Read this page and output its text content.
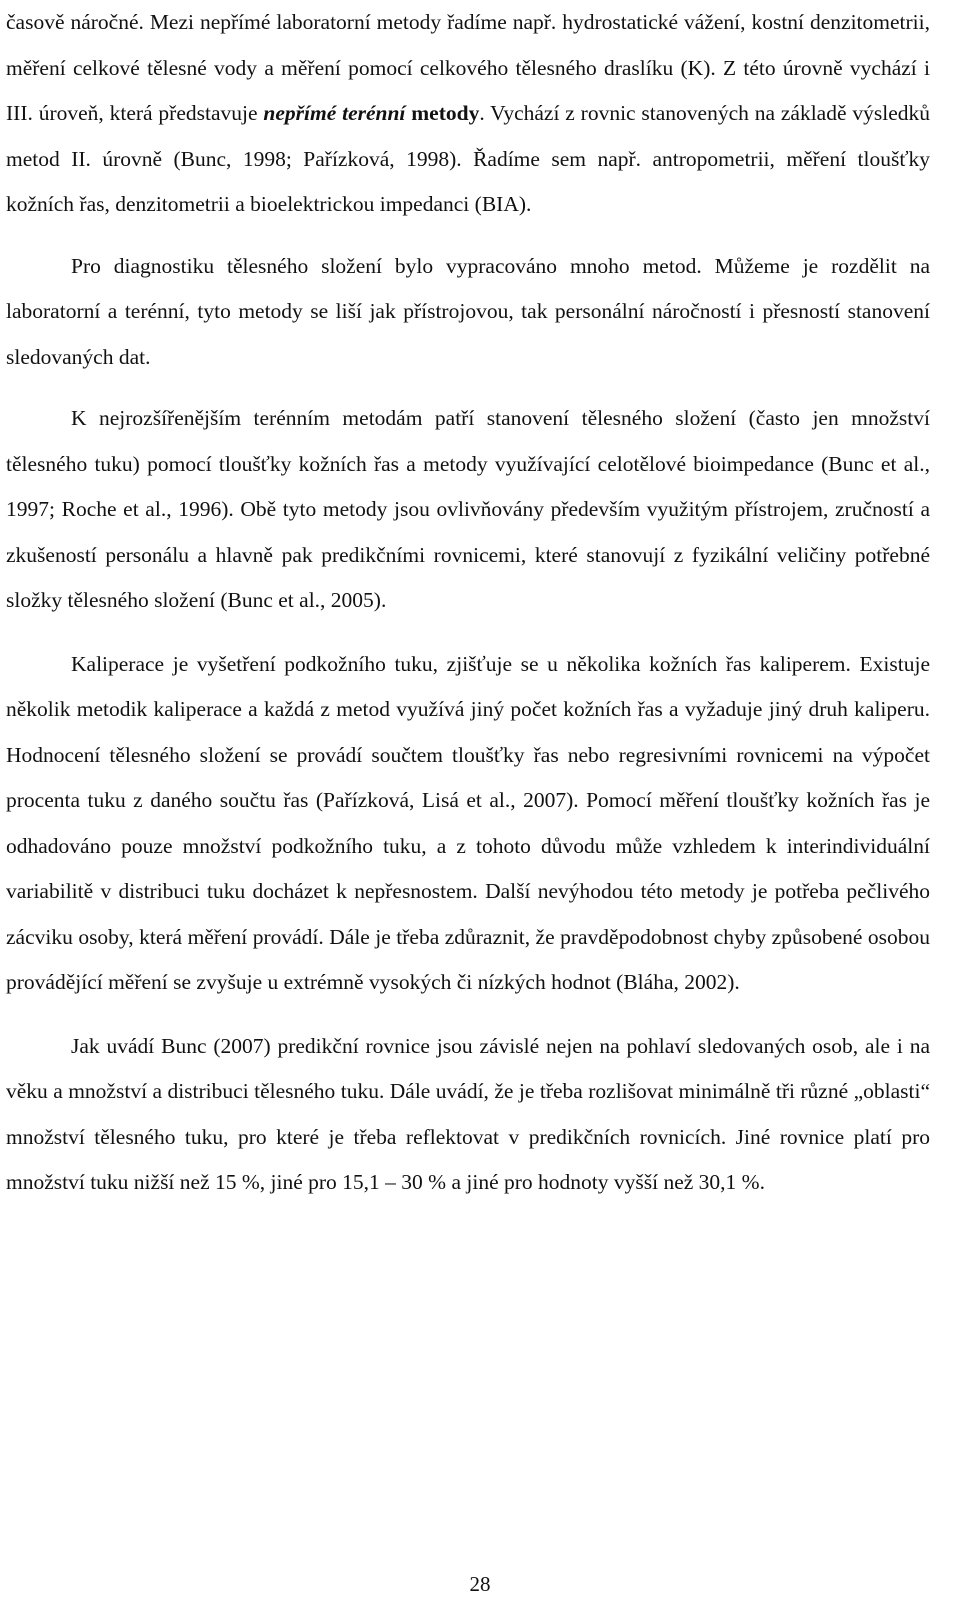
časově náročné. Mezi nepřímé laboratorní metody řadíme např. hydrostatické vážení, kostní denzitometrii, měření celkové tělesné vody a měření pomocí celkového tělesného draslíku (K). Z této úrovně vychází i III. úroveň, která představuje nepřímé terénní metody. Vychází z rovnic stanovených na základě výsledků metod II. úrovně (Bunc, 1998; Pařízková, 1998). Řadíme sem např. antropometrii, měření tloušťky kožních řas, denzitometrii a bioelektrickou impedanci (BIA).

Pro diagnostiku tělesného složení bylo vypracováno mnoho metod. Můžeme je rozdělit na laboratorní a terénní, tyto metody se liší jak přístrojovou, tak personální náročností i přesností stanovení sledovaných dat.

K nejrozšířenějším terénním metodám patří stanovení tělesného složení (často jen množství tělesného tuku) pomocí tloušťky kožních řas a metody využívající celotělové bioimpedance (Bunc et al., 1997; Roche et al., 1996). Obě tyto metody jsou ovlivňovány především využitým přístrojem, zručností a zkušeností personálu a hlavně pak predikčními rovnicemi, které stanovují z fyzikální veličiny potřebné složky tělesného složení (Bunc et al., 2005).

Kaliperace je vyšetření podkožního tuku, zjišťuje se u několika kožních řas kaliperem. Existuje několik metodik kaliperace a každá z metod využívá jiný počet kožních řas a vyžaduje jiný druh kaliperu. Hodnocení tělesného složení se provádí součtem tloušťky řas nebo regresivními rovnicemi na výpočet procenta tuku z daného součtu řas (Pařízková, Lisá et al., 2007). Pomocí měření tloušťky kožních řas je odhadováno pouze množství podkožního tuku, a z tohoto důvodu může vzhledem k interindividuální variabilitě v distribuci tuku docházet k nepřesnostem. Další nevýhodou této metody je potřeba pečlivého zácviku osoby, která měření provádí. Dále je třeba zdůraznit, že pravděpodobnost chyby způsobené osobou provádějící měření se zvyšuje u extrémně vysokých či nízkých hodnot (Bláha, 2002).

Jak uvádí Bunc (2007) predikční rovnice jsou závislé nejen na pohlaví sledovaných osob, ale i na věku a množství a distribuci tělesného tuku. Dále uvádí, že je třeba rozlišovat minimálně tři různé „oblasti“ množství tělesného tuku, pro které je třeba reflektovat v predikčních rovnicích. Jiné rovnice platí pro množství tuku nižší než 15 %, jiné pro 15,1 – 30 % a jiné pro hodnoty vyšší než 30,1 %.

28
